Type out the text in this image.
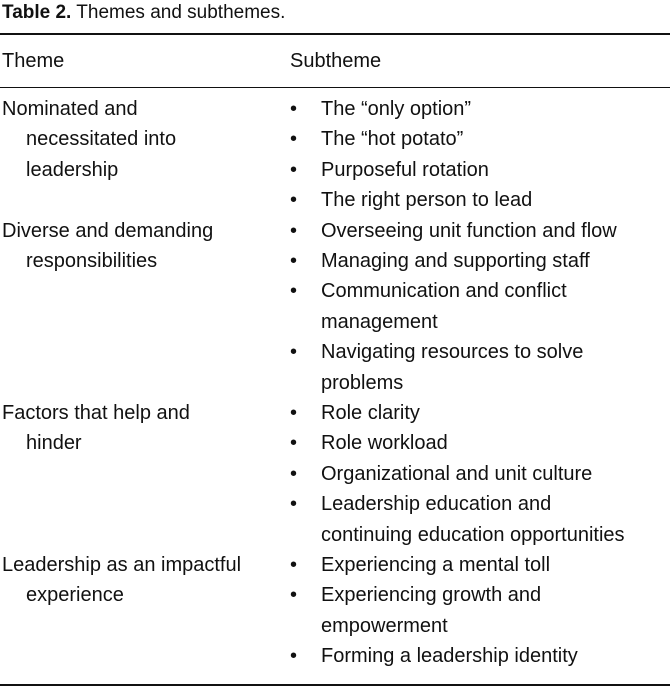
Table 2. Themes and subthemes.
Theme	Subtheme
Nominated and
necessitated into
leadership
• The “only option”
• The “hot potato”
• Purposeful rotation
• The right person to lead
Diverse and demanding
responsibilities
• Overseeing unit function and flow
• Managing and supporting staff
• Communication and conflict
management
• Navigating resources to solve
problems
Factors that help and
hinder
• Role clarity
• Role workload
• Organizational and unit culture
• Leadership education and
continuing education opportunities
Leadership as an impactful
experience
• Experiencing a mental toll
• Experiencing growth and
empowerment
• Forming a leadership identity
